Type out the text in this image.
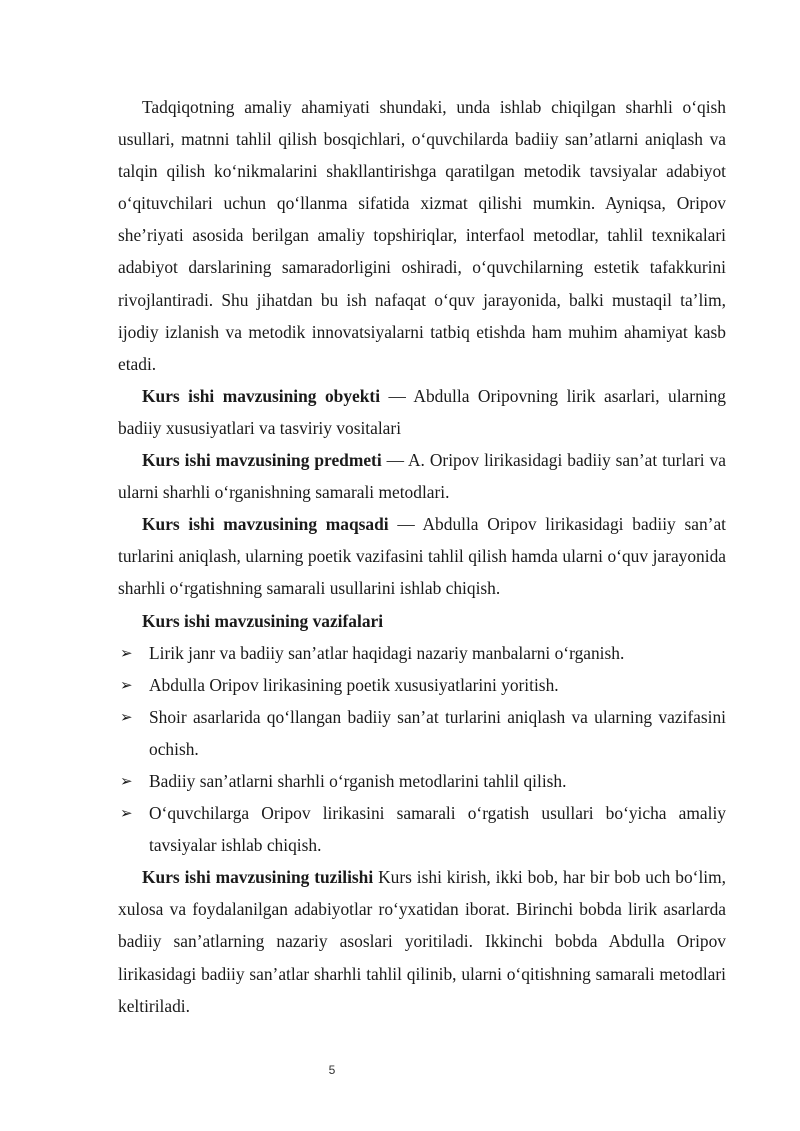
Tadqiqotning amaliy ahamiyati shundaki, unda ishlab chiqilgan sharhli o‘qish usullari, matnni tahlil qilish bosqichlari, o‘quvchilarda badiiy san’atlarni aniqlash va talqin qilish ko‘nikmalarini shakllantirishga qaratilgan metodik tavsiyalar adabiyot o‘qituvchilari uchun qo‘llanma sifatida xizmat qilishi mumkin. Ayniqsa, Oripov she’riyati asosida berilgan amaliy topshiriqlar, interfaol metodlar, tahlil texnikalari adabiyot darslarining samaradorligini oshiradi, o‘quvchilarning estetik tafakkurini rivojlantiradi. Shu jihatdan bu ish nafaqat o‘quv jarayonida, balki mustaqil ta’lim, ijodiy izlanish va metodik innovatsiyalarni tatbiq etishda ham muhim ahamiyat kasb etadi.

Kurs ishi mavzusining obyekti — Abdulla Oripovning lirik asarlari, ularning badiiy xususiyatlari va tasviriy vositalari

Kurs ishi mavzusining predmeti — A. Oripov lirikasidagi badiiy san’at turlari va ularni sharhli o‘rganishning samarali metodlari.

Kurs ishi mavzusining maqsadi — Abdulla Oripov lirikasidagi badiiy san’at turlarini aniqlash, ularning poetik vazifasini tahlil qilish hamda ularni o‘quv jarayonida sharhli o‘rgatishning samarali usullarini ishlab chiqish.

Kurs ishi mavzusining vazifalari

➢ Lirik janr va badiiy san’atlar haqidagi nazariy manbalarni o‘rganish.
➢ Abdulla Oripov lirikasining poetik xususiyatlarini yoritish.
➢ Shoir asarlarida qo‘llangan badiiy san’at turlarini aniqlash va ularning vazifasini ochish.
➢ Badiiy san’atlarni sharhli o‘rganish metodlarini tahlil qilish.
➢ O‘quvchilarga Oripov lirikasini samarali o‘rgatish usullari bo‘yicha amaliy tavsiyalar ishlab chiqish.

Kurs ishi mavzusining tuzilishi Kurs ishi kirish, ikki bob, har bir bob uch bo‘lim, xulosa va foydalanilgan adabiyotlar ro‘yxatidan iborat. Birinchi bobda lirik asarlarda badiiy san’atlarning nazariy asoslari yoritiladi. Ikkinchi bobda Abdulla Oripov lirikasidagi badiiy san’atlar sharhli tahlil qilinib, ularni o‘qitishning samarali metodlari keltiriladi.

5
